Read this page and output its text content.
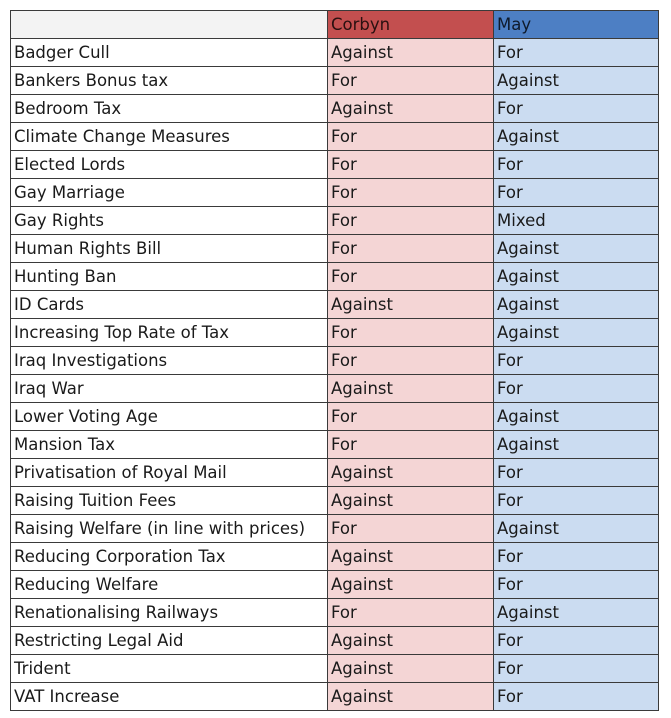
	Corbyn	May
Badger Cull	Against	For
Bankers Bonus tax	For	Against
Bedroom Tax	Against	For
Climate Change Measures	For	Against
Elected Lords	For	For
Gay Marriage	For	For
Gay Rights	For	Mixed
Human Rights Bill	For	Against
Hunting Ban	For	Against
ID Cards	Against	Against
Increasing Top Rate of Tax	For	Against
Iraq Investigations	For	For
Iraq War	Against	For
Lower Voting Age	For	Against
Mansion Tax	For	Against
Privatisation of Royal Mail	Against	For
Raising Tuition Fees	Against	For
Raising Welfare (in line with prices)	For	Against
Reducing Corporation Tax	Against	For
Reducing Welfare	Against	For
Renationalising Railways	For	Against
Restricting Legal Aid	Against	For
Trident	Against	For
VAT Increase	Against	For
